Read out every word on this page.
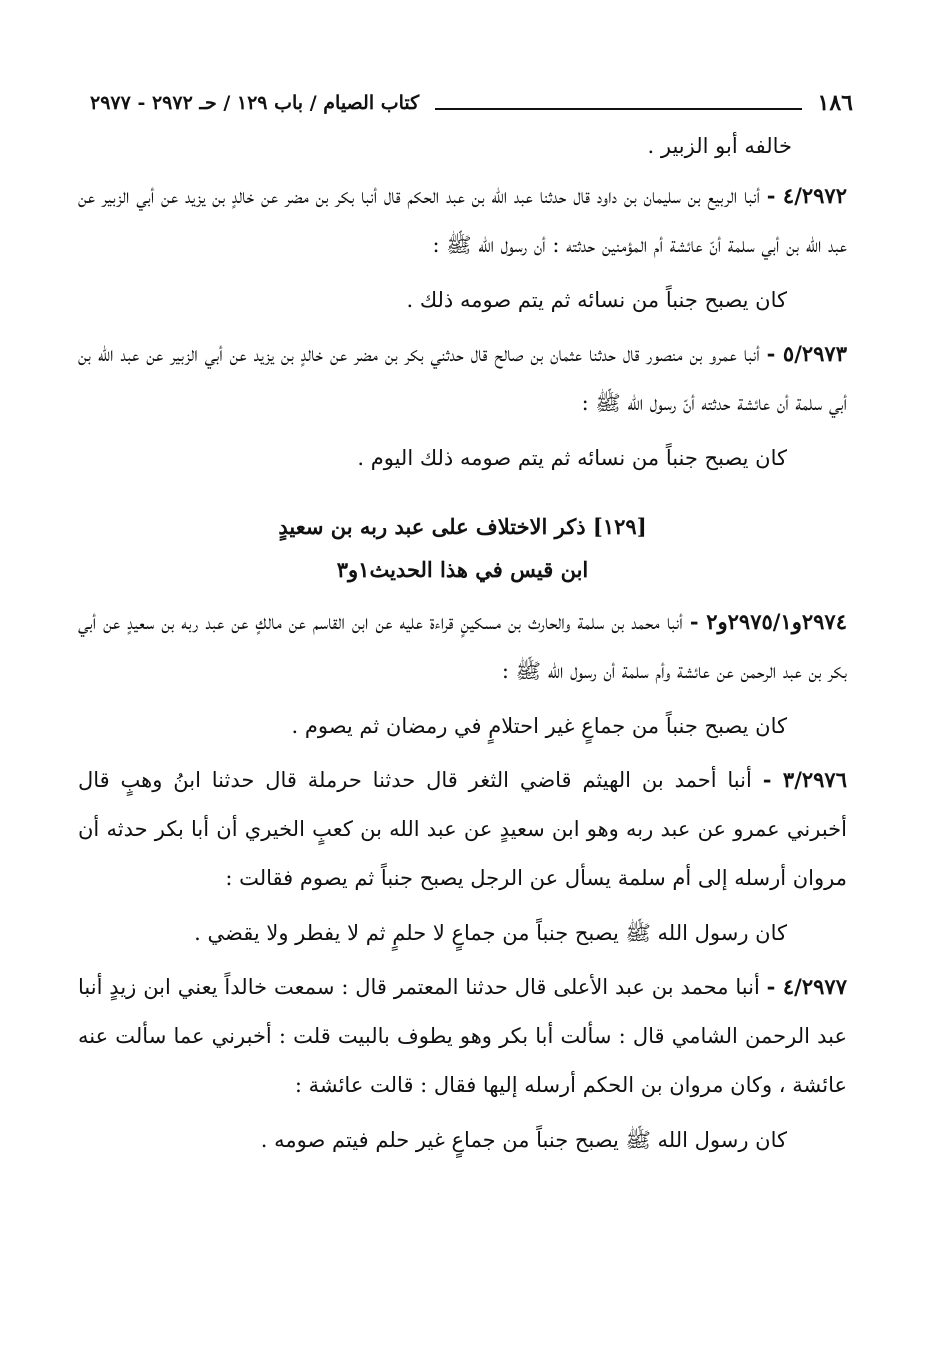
١٨٦
كتاب الصيام / باب ١٢٩ / حـ ٢٩٧٢ - ٢٩٧٧

خالفه أبو الزبير .

٤/٢٩٧٢ - أنبا الربيع بن سليمان بن داود قال حدثنا عبد الله بن عبد الحكم قال أنبا بكر بن مضر عن خالدٍ بن يزيد عن أبي الزبير عن عبد الله بن أبي سلمة أنّ عائشة أم المؤمنين حدثته : أن رسول الله ﷺ :

كان يصبح جنباً من نسائه ثم يتم صومه ذلك .

٥/٢٩٧٣ - أنبا عمرو بن منصور قال حدثنا عثمان بن صالح قال حدثني بكر بن مضر عن خالدٍ بن يزيد عن أبي الزبير عن عبد الله بن أبي سلمة أن عائشة حدثته أنّ رسول الله ﷺ :

كان يصبح جنباً من نسائه ثم يتم صومه ذلك اليوم .

[١٢٩] ذكر الاختلاف على عبد ربه بن سعيدٍ
ابن قيس في هذا الحديث١و٣

٢٩٧٤و٢٩٧٥/١و٢ - أنبا محمد بن سلمة والحارث بن مسكينٍ قراءة عليه عن ابن القاسم عن مالكٍ عن عبد ربه بن سعيدٍ عن أبي بكر بن عبد الرحمن عن عائشة وأم سلمة أن رسول الله ﷺ :

كان يصبح جنباً من جماعٍ غير احتلامٍ في رمضان ثم يصوم .

٣/٢٩٧٦ - أنبا أحمد بن الهيثم قاضي الثغر قال حدثنا حرملة قال حدثنا ابنُ وهبٍ قال أخبرني عمرو عن عبد ربه وهو ابن سعيدٍ عن عبد الله بن كعبٍ الخيري أن أبا بكر حدثه أن مروان أرسله إلى أم سلمة يسأل عن الرجل يصبح جنباً ثم يصوم فقالت :

كان رسول الله ﷺ يصبح جنباً من جماعٍ لا حلمٍ ثم لا يفطر ولا يقضي .

٤/٢٩٧٧ - أنبا محمد بن عبد الأعلى قال حدثنا المعتمر قال : سمعت خالداً يعني ابن زيدٍ أنبا عبد الرحمن الشامي قال : سألت أبا بكر وهو يطوف بالبيت قلت : أخبرني عما سألت عنه عائشة ، وكان مروان بن الحكم أرسله إليها فقال : قالت عائشة :

كان رسول الله ﷺ يصبح جنباً من جماعٍ غير حلم فيتم صومه .
